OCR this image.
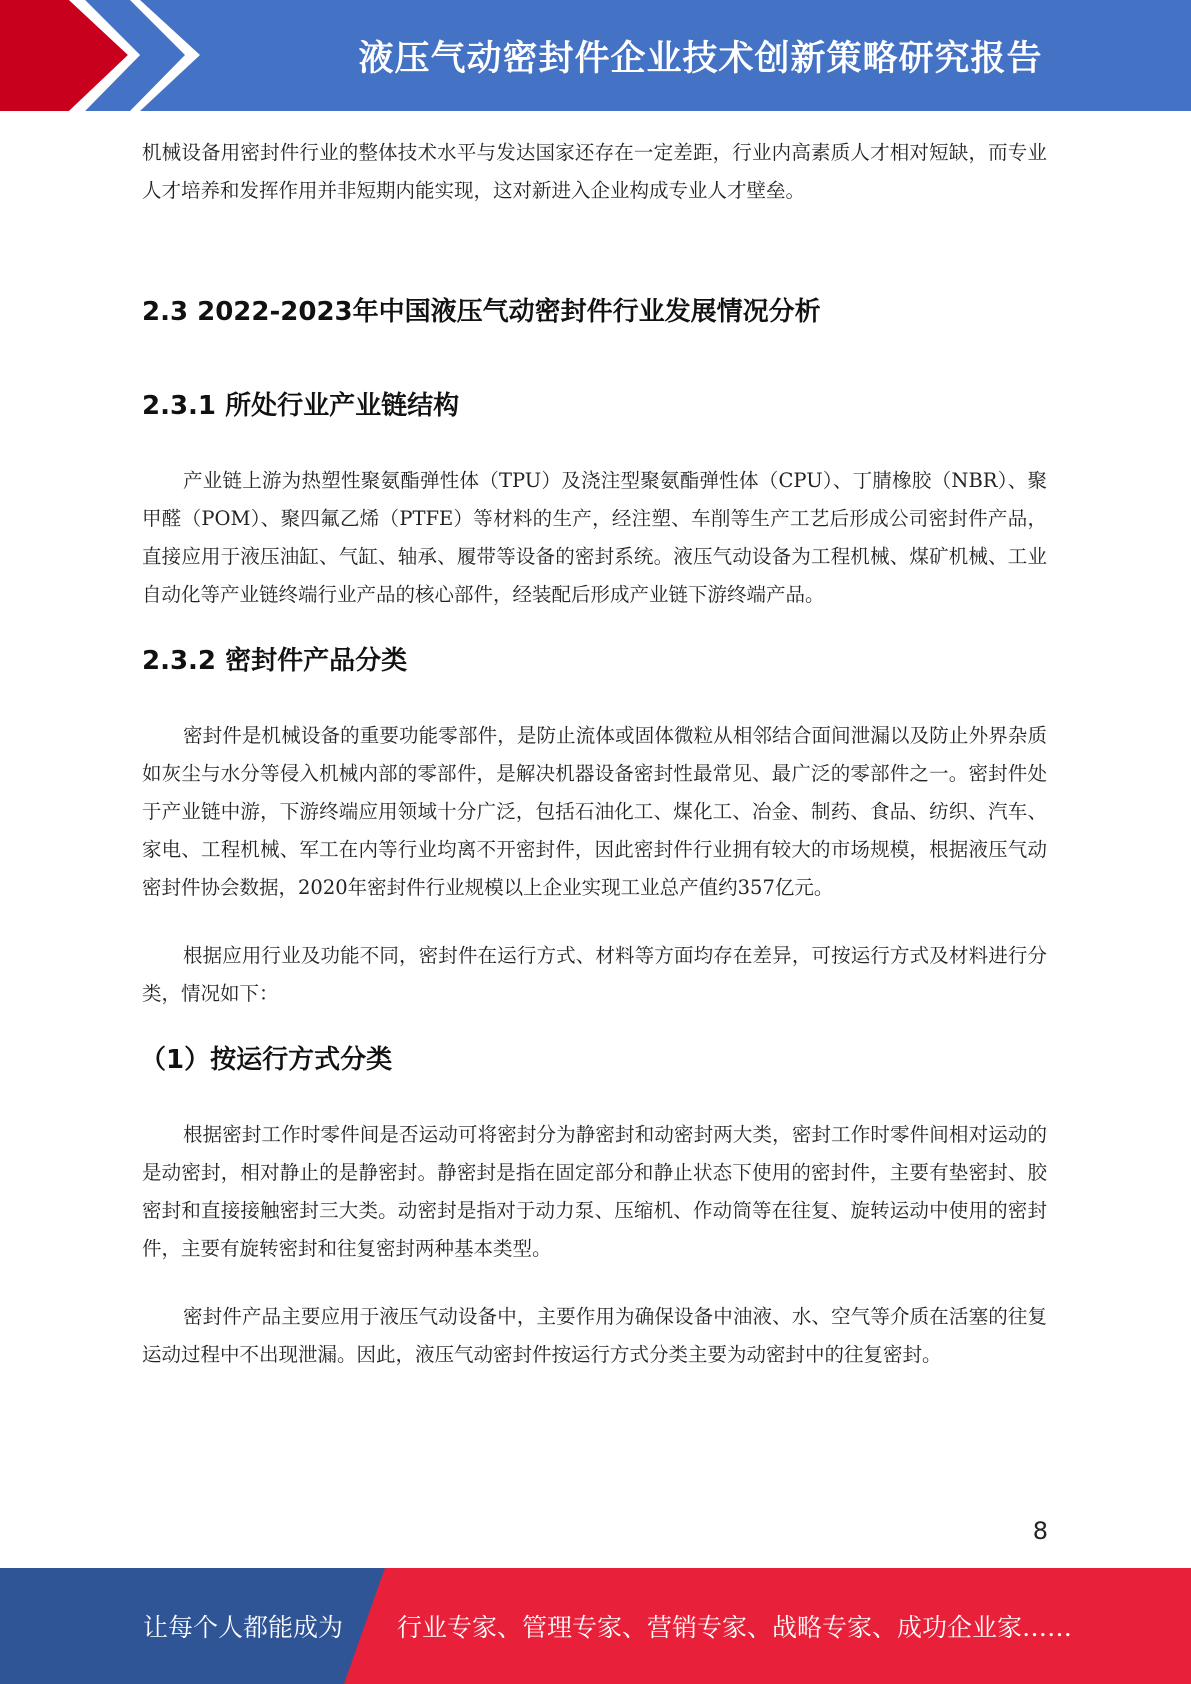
液压气动密封件企业技术创新策略研究报告

机械设备用密封件行业的整体技术水平与发达国家还存在一定差距，行业内高素质人才相对短缺，而专业人才培养和发挥作用并非短期内能实现，这对新进入企业构成专业人才壁垒。

2.3 2022-2023年中国液压气动密封件行业发展情况分析
2.3.1 所处行业产业链结构

产业链上游为热塑性聚氨酯弹性体（TPU）及浇注型聚氨酯弹性体（CPU）、丁腈橡胶（NBR）、聚甲醛（POM）、聚四氟乙烯（PTFE）等材料的生产，经注塑、车削等生产工艺后形成公司密封件产品，直接应用于液压油缸、气缸、轴承、履带等设备的密封系统。液压气动设备为工程机械、煤矿机械、工业自动化等产业链终端行业产品的核心部件，经装配后形成产业链下游终端产品。

2.3.2 密封件产品分类

密封件是机械设备的重要功能零部件，是防止流体或固体微粒从相邻结合面间泄漏以及防止外界杂质如灰尘与水分等侵入机械内部的零部件，是解决机器设备密封性最常见、最广泛的零部件之一。密封件处于产业链中游，下游终端应用领域十分广泛，包括石油化工、煤化工、冶金、制药、食品、纺织、汽车、家电、工程机械、军工在内等行业均离不开密封件，因此密封件行业拥有较大的市场规模，根据液压气动密封件协会数据，2020年密封件行业规模以上企业实现工业总产值约357亿元。

根据应用行业及功能不同，密封件在运行方式、材料等方面均存在差异，可按运行方式及材料进行分类，情况如下：

（1）按运行方式分类

根据密封工作时零件间是否运动可将密封分为静密封和动密封两大类，密封工作时零件间相对运动的是动密封，相对静止的是静密封。静密封是指在固定部分和静止状态下使用的密封件，主要有垫密封、胶密封和直接接触密封三大类。动密封是指对于动力泵、压缩机、作动筒等在往复、旋转运动中使用的密封件，主要有旋转密封和往复密封两种基本类型。

密封件产品主要应用于液压气动设备中，主要作用为确保设备中油液、水、空气等介质在活塞的往复运动过程中不出现泄漏。因此，液压气动密封件按运行方式分类主要为动密封中的往复密封。

8
让每个人都能成为 行业专家、管理专家、营销专家、战略专家、成功企业家……
